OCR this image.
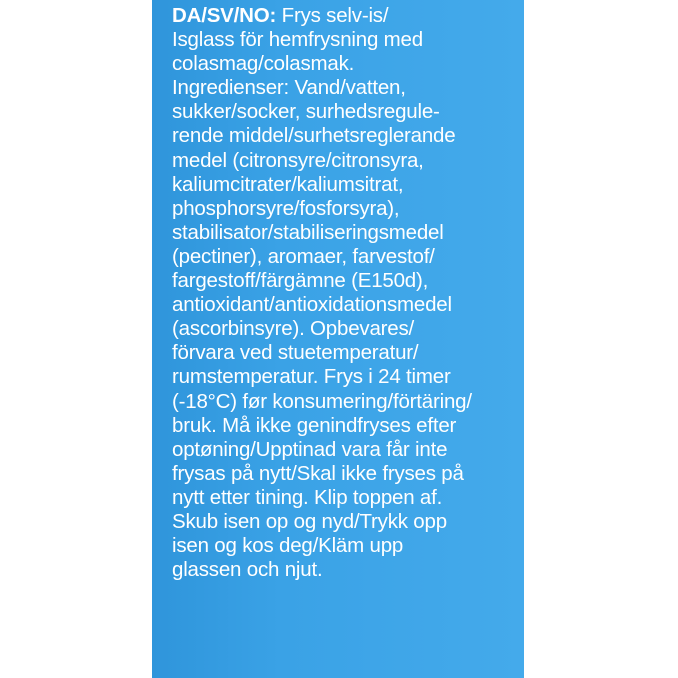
DA/SV/NO: Frys selv-is/
Isglass för hemfrysning med
colasmag/colasmak.
Ingredienser: Vand/vatten,
sukker/socker, surhedsregule-
rende middel/surhetsreglerande
medel (citronsyre/citronsyra,
kaliumcitrater/kaliumsitrat,
phosphorsyre/fosforsyra),
stabilisator/stabiliseringsmedel
(pectiner), aromaer, farvestof/
fargestoff/färgämne (E150d),
antioxidant/antioxidationsmedel
(ascorbinsyre). Opbevares/
förvara ved stuetemperatur/
rumstemperatur. Frys i 24 timer
(-18°C) før konsumering/förtäring/
bruk. Må ikke genindfryses efter
optøning/Upptinad vara får inte
frysas på nytt/Skal ikke fryses på
nytt etter tining. Klip toppen af.
Skub isen op og nyd/Trykk opp
isen og kos deg/Kläm upp
glassen och njut.
